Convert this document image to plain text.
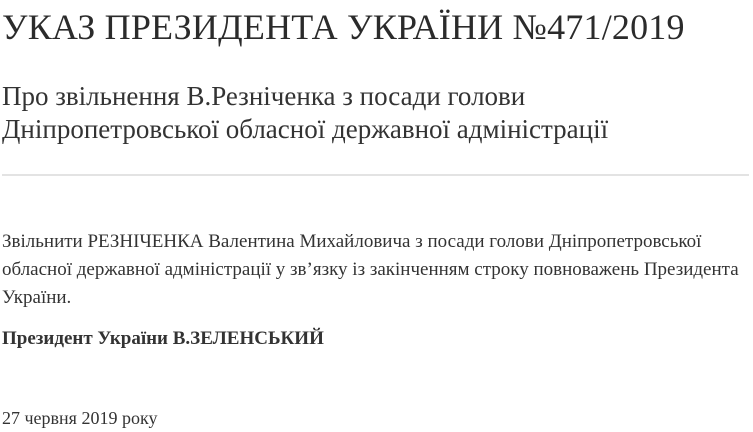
УКАЗ ПРЕЗИДЕНТА УКРАЇНИ №471/2019
Про звільнення В.Резніченка з посади голови Дніпропетровської обласної державної адміністрації

Звільнити РЕЗНІЧЕНКА Валентина Михайловича з посади голови Дніпропетровської обласної державної адміністрації у зв’язку із закінченням строку повноважень Президента України.

Президент України В.ЗЕЛЕНСЬКИЙ

27 червня 2019 року
